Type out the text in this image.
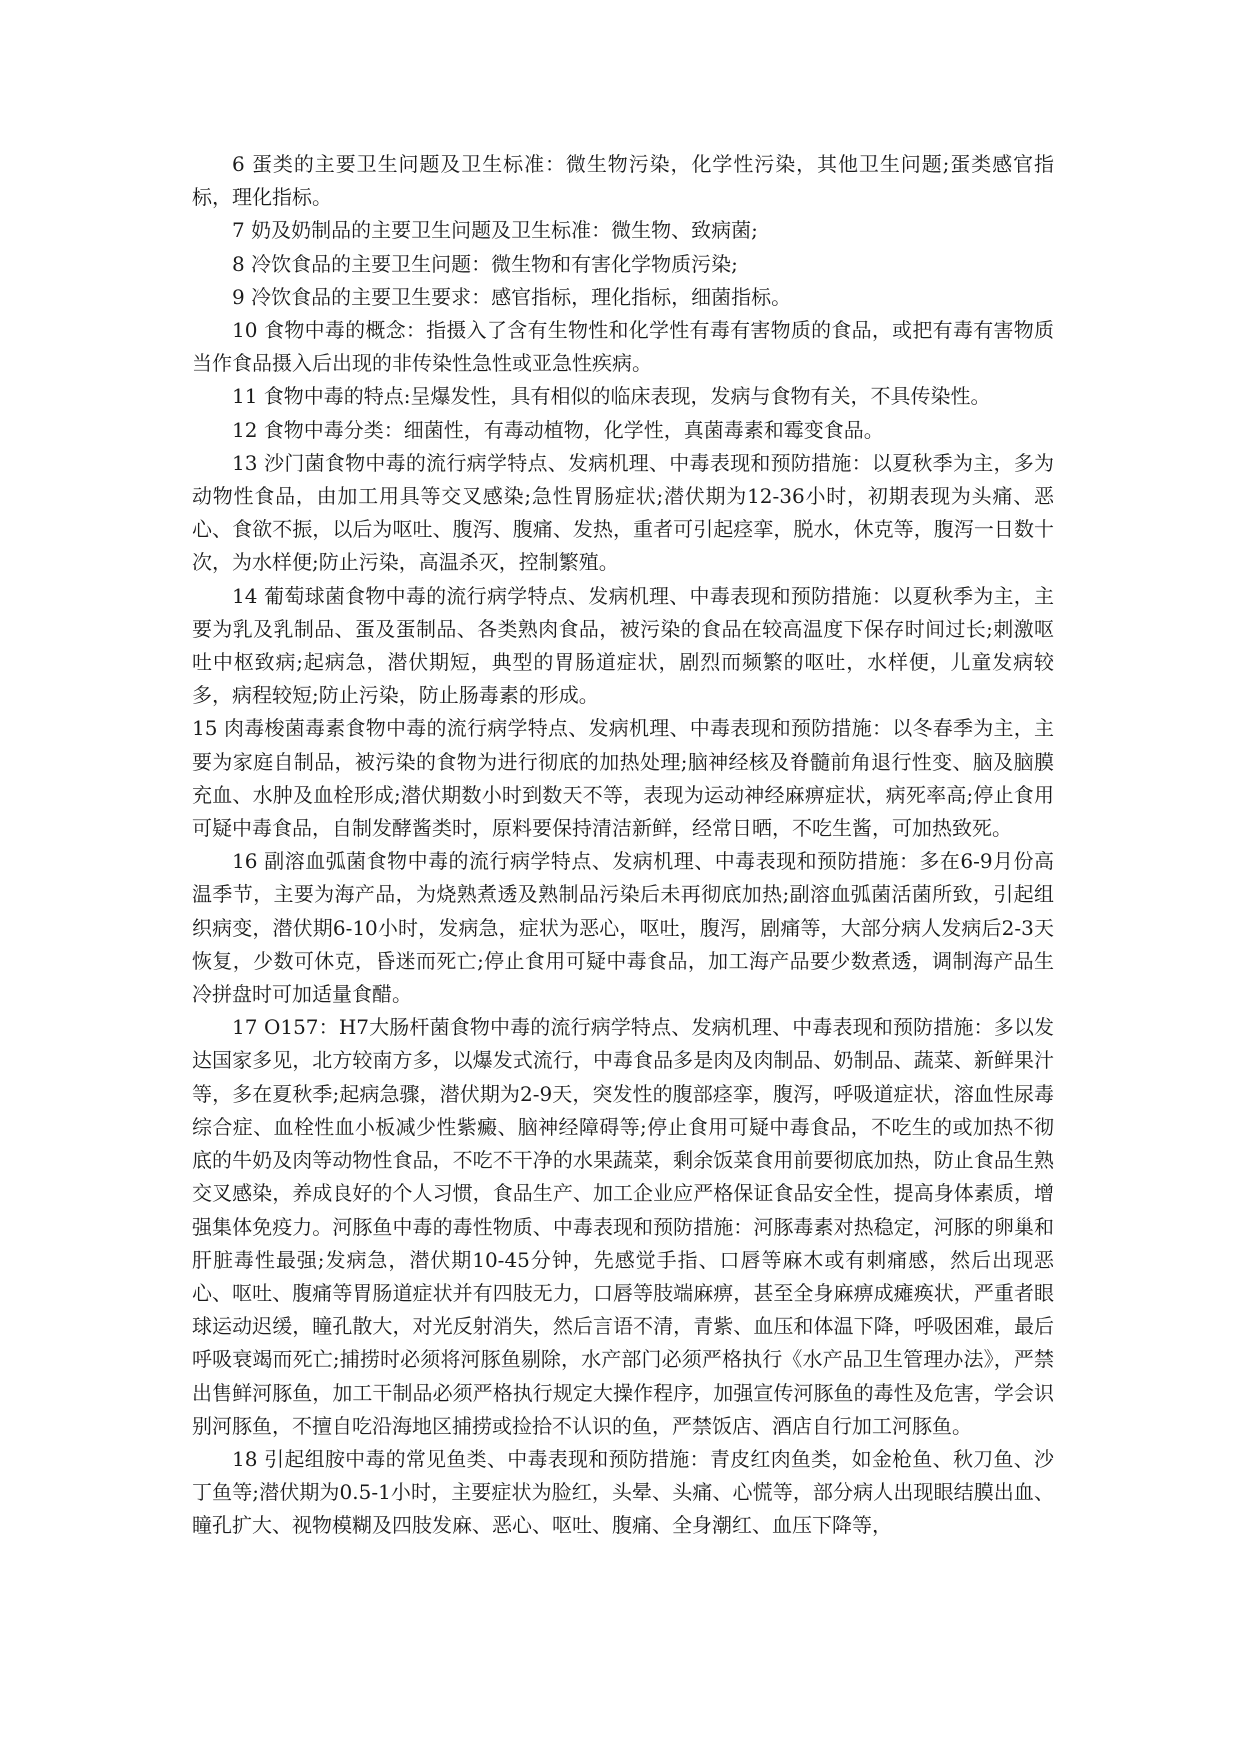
6 蛋类的主要卫生问题及卫生标准：微生物污染，化学性污染，其他卫生问题;蛋类感官指标，理化指标。

7 奶及奶制品的主要卫生问题及卫生标准：微生物、致病菌;

8 冷饮食品的主要卫生问题：微生物和有害化学物质污染;

9 冷饮食品的主要卫生要求：感官指标，理化指标，细菌指标。

10 食物中毒的概念：指摄入了含有生物性和化学性有毒有害物质的食品，或把有毒有害物质当作食品摄入后出现的非传染性急性或亚急性疾病。

11 食物中毒的特点:呈爆发性，具有相似的临床表现，发病与食物有关，不具传染性。

12 食物中毒分类：细菌性，有毒动植物，化学性，真菌毒素和霉变食品。

13 沙门菌食物中毒的流行病学特点、发病机理、中毒表现和预防措施：以夏秋季为主，多为动物性食品，由加工用具等交叉感染;急性胃肠症状;潜伏期为12-36小时，初期表现为头痛、恶心、食欲不振，以后为呕吐、腹泻、腹痛、发热，重者可引起痉挛，脱水，休克等，腹泻一日数十次，为水样便;防止污染，高温杀灭，控制繁殖。

14 葡萄球菌食物中毒的流行病学特点、发病机理、中毒表现和预防措施：以夏秋季为主，主要为乳及乳制品、蛋及蛋制品、各类熟肉食品，被污染的食品在较高温度下保存时间过长;刺激呕吐中枢致病;起病急，潜伏期短，典型的胃肠道症状，剧烈而频繁的呕吐，水样便，儿童发病较多，病程较短;防止污染，防止肠毒素的形成。

15 肉毒梭菌毒素食物中毒的流行病学特点、发病机理、中毒表现和预防措施：以冬春季为主，主要为家庭自制品，被污染的食物为进行彻底的加热处理;脑神经核及脊髓前角退行性变、脑及脑膜充血、水肿及血栓形成;潜伏期数小时到数天不等，表现为运动神经麻痹症状，病死率高;停止食用可疑中毒食品，自制发酵酱类时，原料要保持清洁新鲜，经常日晒，不吃生酱，可加热致死。

16 副溶血弧菌食物中毒的流行病学特点、发病机理、中毒表现和预防措施：多在6-9月份高温季节，主要为海产品，为烧熟煮透及熟制品污染后未再彻底加热;副溶血弧菌活菌所致，引起组织病变，潜伏期6-10小时，发病急，症状为恶心，呕吐，腹泻，剧痛等，大部分病人发病后2-3天恢复，少数可休克，昏迷而死亡;停止食用可疑中毒食品，加工海产品要少数煮透，调制海产品生冷拼盘时可加适量食醋。

17 O157：H7大肠杆菌食物中毒的流行病学特点、发病机理、中毒表现和预防措施：多以发达国家多见，北方较南方多，以爆发式流行，中毒食品多是肉及肉制品、奶制品、蔬菜、新鲜果汁等，多在夏秋季;起病急骤，潜伏期为2-9天，突发性的腹部痉挛，腹泻，呼吸道症状，溶血性尿毒综合症、血栓性血小板减少性紫癜、脑神经障碍等;停止食用可疑中毒食品，不吃生的或加热不彻底的牛奶及肉等动物性食品，不吃不干净的水果蔬菜，剩余饭菜食用前要彻底加热，防止食品生熟交叉感染，养成良好的个人习惯，食品生产、加工企业应严格保证食品安全性，提高身体素质，增强集体免疫力。河豚鱼中毒的毒性物质、中毒表现和预防措施：河豚毒素对热稳定，河豚的卵巢和肝脏毒性最强;发病急，潜伏期10-45分钟，先感觉手指、口唇等麻木或有刺痛感，然后出现恶心、呕吐、腹痛等胃肠道症状并有四肢无力，口唇等肢端麻痹，甚至全身麻痹成瘫痪状，严重者眼球运动迟缓，瞳孔散大，对光反射消失，然后言语不清，青紫、血压和体温下降，呼吸困难，最后呼吸衰竭而死亡;捕捞时必须将河豚鱼剔除，水产部门必须严格执行《水产品卫生管理办法》，严禁出售鲜河豚鱼，加工干制品必须严格执行规定大操作程序，加强宣传河豚鱼的毒性及危害，学会识别河豚鱼，不擅自吃沿海地区捕捞或捡拾不认识的鱼，严禁饭店、酒店自行加工河豚鱼。

18 引起组胺中毒的常见鱼类、中毒表现和预防措施：青皮红肉鱼类，如金枪鱼、秋刀鱼、沙丁鱼等;潜伏期为0.5-1小时，主要症状为脸红，头晕、头痛、心慌等，部分病人出现眼结膜出血、瞳孔扩大、视物模糊及四肢发麻、恶心、呕吐、腹痛、全身潮红、血压下降等，
